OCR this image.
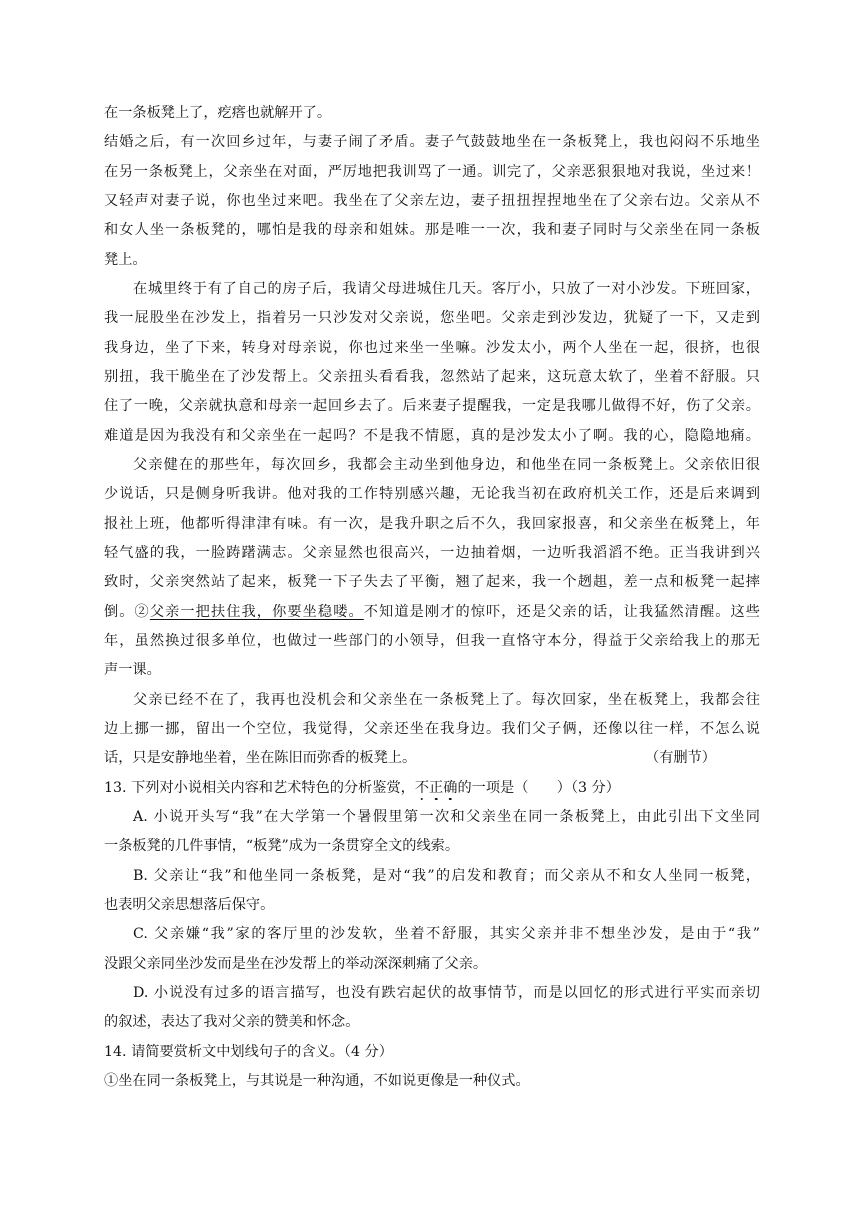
在一条板凳上了，疙瘩也就解开了。

结婚之后，有一次回乡过年，与妻子闹了矛盾。妻子气鼓鼓地坐在一条板凳上，我也闷闷不乐地坐

在另一条板凳上，父亲坐在对面，严厉地把我训骂了一通。训完了，父亲恶狠狠地对我说，坐过来！

又轻声对妻子说，你也坐过来吧。我坐在了父亲左边，妻子扭扭捏捏地坐在了父亲右边。父亲从不

和女人坐一条板凳的，哪怕是我的母亲和姐妹。那是唯一一次，我和妻子同时与父亲坐在同一条板

凳上。

在城里终于有了自己的房子后，我请父母进城住几天。客厅小，只放了一对小沙发。下班回家，

我一屁股坐在沙发上，指着另一只沙发对父亲说，您坐吧。父亲走到沙发边，犹疑了一下，又走到

我身边，坐了下来，转身对母亲说，你也过来坐一坐嘛。沙发太小，两个人坐在一起，很挤，也很

别扭，我干脆坐在了沙发帮上。父亲扭头看看我，忽然站了起来，这玩意太软了，坐着不舒服。只

住了一晚，父亲就执意和母亲一起回乡去了。后来妻子提醒我，一定是我哪儿做得不好，伤了父亲。

难道是因为我没有和父亲坐在一起吗？不是我不情愿，真的是沙发太小了啊。我的心，隐隐地痛。

父亲健在的那些年，每次回乡，我都会主动坐到他身边，和他坐在同一条板凳上。父亲依旧很

少说话，只是侧身听我讲。他对我的工作特别感兴趣，无论我当初在政府机关工作，还是后来调到

报社上班，他都听得津津有味。有一次，是我升职之后不久，我回家报喜，和父亲坐在板凳上，年

轻气盛的我，一脸踌躇满志。父亲显然也很高兴，一边抽着烟，一边听我滔滔不绝。正当我讲到兴

致时，父亲突然站了起来，板凳一下子失去了平衡，翘了起来，我一个趔趄，差一点和板凳一起摔

倒。②父亲一把扶住我，你要坐稳喽。不知道是刚才的惊吓，还是父亲的话，让我猛然清醒。这些

年，虽然换过很多单位，也做过一些部门的小领导，但我一直恪守本分，得益于父亲给我上的那无

声一课。

父亲已经不在了，我再也没机会和父亲坐在一条板凳上了。每次回家，坐在板凳上，我都会往

边上挪一挪，留出一个空位，我觉得，父亲还坐在我身边。我们父子俩，还像以往一样，不怎么说

话，只是安静地坐着，坐在陈旧而弥香的板凳上。	（有删节）

13. 下列对小说相关内容和艺术特色的分析鉴赏，不正确的一项是（　　）（3 分）

A. 小说开头写“我”在大学第一个暑假里第一次和父亲坐在同一条板凳上，由此引出下文坐同

一条板凳的几件事情，“板凳”成为一条贯穿全文的线索。

B. 父亲让“我”和他坐同一条板凳，是对“我”的启发和教育；而父亲从不和女人坐同一板凳，

也表明父亲思想落后保守。

C. 父亲嫌“我”家的客厅里的沙发软，坐着不舒服，其实父亲并非不想坐沙发，是由于“我”

没跟父亲同坐沙发而是坐在沙发帮上的举动深深刺痛了父亲。

D. 小说没有过多的语言描写，也没有跌宕起伏的故事情节，而是以回忆的形式进行平实而亲切

的叙述，表达了我对父亲的赞美和怀念。

14. 请简要赏析文中划线句子的含义。（4 分）

①坐在同一条板凳上，与其说是一种沟通，不如说更像是一种仪式。
